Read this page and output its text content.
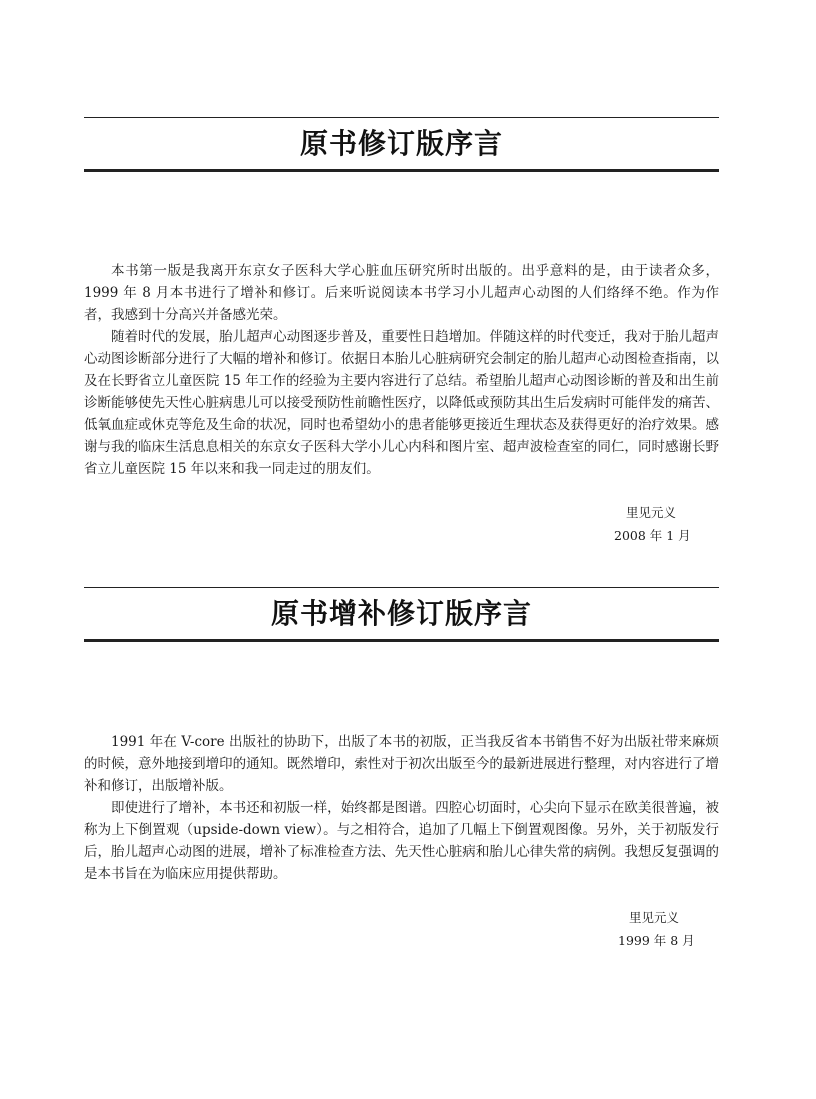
原书修订版序言

本书第一版是我离开东京女子医科大学心脏血压研究所时出版的。出乎意料的是，由于读者众多，1999 年 8 月本书进行了增补和修订。后来听说阅读本书学习小儿超声心动图的人们络绎不绝。作为作者，我感到十分高兴并备感光荣。

随着时代的发展，胎儿超声心动图逐步普及，重要性日趋增加。伴随这样的时代变迁，我对于胎儿超声心动图诊断部分进行了大幅的增补和修订。依据日本胎儿心脏病研究会制定的胎儿超声心动图检查指南，以及在长野省立儿童医院 15 年工作的经验为主要内容进行了总结。希望胎儿超声心动图诊断的普及和出生前诊断能够使先天性心脏病患儿可以接受预防性前瞻性医疗，以降低或预防其出生后发病时可能伴发的痛苦、低氧血症或休克等危及生命的状况，同时也希望幼小的患者能够更接近生理状态及获得更好的治疗效果。感谢与我的临床生活息息相关的东京女子医科大学小儿心内科和图片室、超声波检查室的同仁，同时感谢长野省立儿童医院 15 年以来和我一同走过的朋友们。

里见元义
2008 年 1 月
原书增补修订版序言

1991 年在 V-core 出版社的协助下，出版了本书的初版，正当我反省本书销售不好为出版社带来麻烦的时候，意外地接到增印的通知。既然增印，索性对于初次出版至今的最新进展进行整理，对内容进行了增补和修订，出版增补版。

即使进行了增补，本书还和初版一样，始终都是图谱。四腔心切面时，心尖向下显示在欧美很普遍，被称为上下倒置观（upside-down view）。与之相符合，追加了几幅上下倒置观图像。另外，关于初版发行后，胎儿超声心动图的进展，增补了标准检查方法、先天性心脏病和胎儿心律失常的病例。我想反复强调的是本书旨在为临床应用提供帮助。

里见元义
1999 年 8 月
